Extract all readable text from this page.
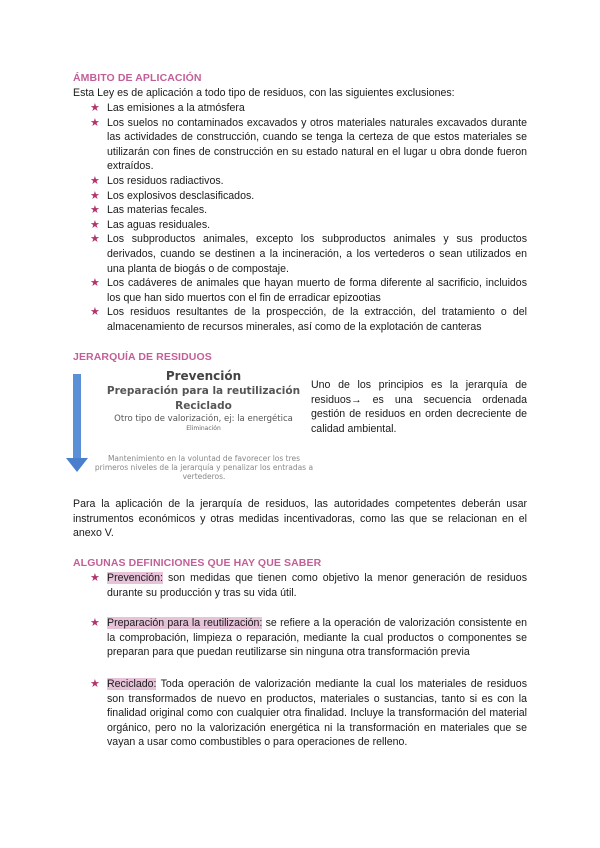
ÁMBITO DE APLICACIÓN
Esta Ley es de aplicación a todo tipo de residuos, con las siguientes exclusiones:
★ Las emisiones a la atmósfera
★ Los suelos no contaminados excavados y otros materiales naturales excavados durante las actividades de construcción, cuando se tenga la certeza de que estos materiales se utilizarán con fines de construcción en su estado natural en el lugar u obra donde fueron extraídos.
★ Los residuos radiactivos.
★ Los explosivos desclasificados.
★ Las materias fecales.
★ Las aguas residuales.
★ Los subproductos animales, excepto los subproductos animales y sus productos derivados, cuando se destinen a la incineración, a los vertederos o sean utilizados en una planta de biogás o de compostaje.
★ Los cadáveres de animales que hayan muerto de forma diferente al sacrificio, incluidos los que han sido muertos con el fin de erradicar epizootias
★ Los residuos resultantes de la prospección, de la extracción, del tratamiento o del almacenamiento de recursos minerales, así como de la explotación de canteras
JERARQUÍA DE RESIDUOS
Prevención
Preparación para la reutilización
Reciclado
Otro tipo de valorización, ej: la energética
Eliminación
Mantenimiento en la voluntad de favorecer los tres primeros niveles de la jerarquía y penalizar los entradas a vertederos.
Uno de los principios es la jerarquía de residuos→ es una secuencia ordenada gestión de residuos en orden decreciente de calidad ambiental.
Para la aplicación de la jerarquía de residuos, las autoridades competentes deberán usar instrumentos económicos y otras medidas incentivadoras, como las que se relacionan en el anexo V.
ALGUNAS DEFINICIONES QUE HAY QUE SABER
★ Prevención: son medidas que tienen como objetivo la menor generación de residuos durante su producción y tras su vida útil.
★ Preparación para la reutilización: se refiere a la operación de valorización consistente en la comprobación, limpieza o reparación, mediante la cual productos o componentes se preparan para que puedan reutilizarse sin ninguna otra transformación previa
★ Reciclado: Toda operación de valorización mediante la cual los materiales de residuos son transformados de nuevo en productos, materiales o sustancias, tanto si es con la finalidad original como con cualquier otra finalidad. Incluye la transformación del material orgánico, pero no la valorización energética ni la transformación en materiales que se vayan a usar como combustibles o para operaciones de relleno.
